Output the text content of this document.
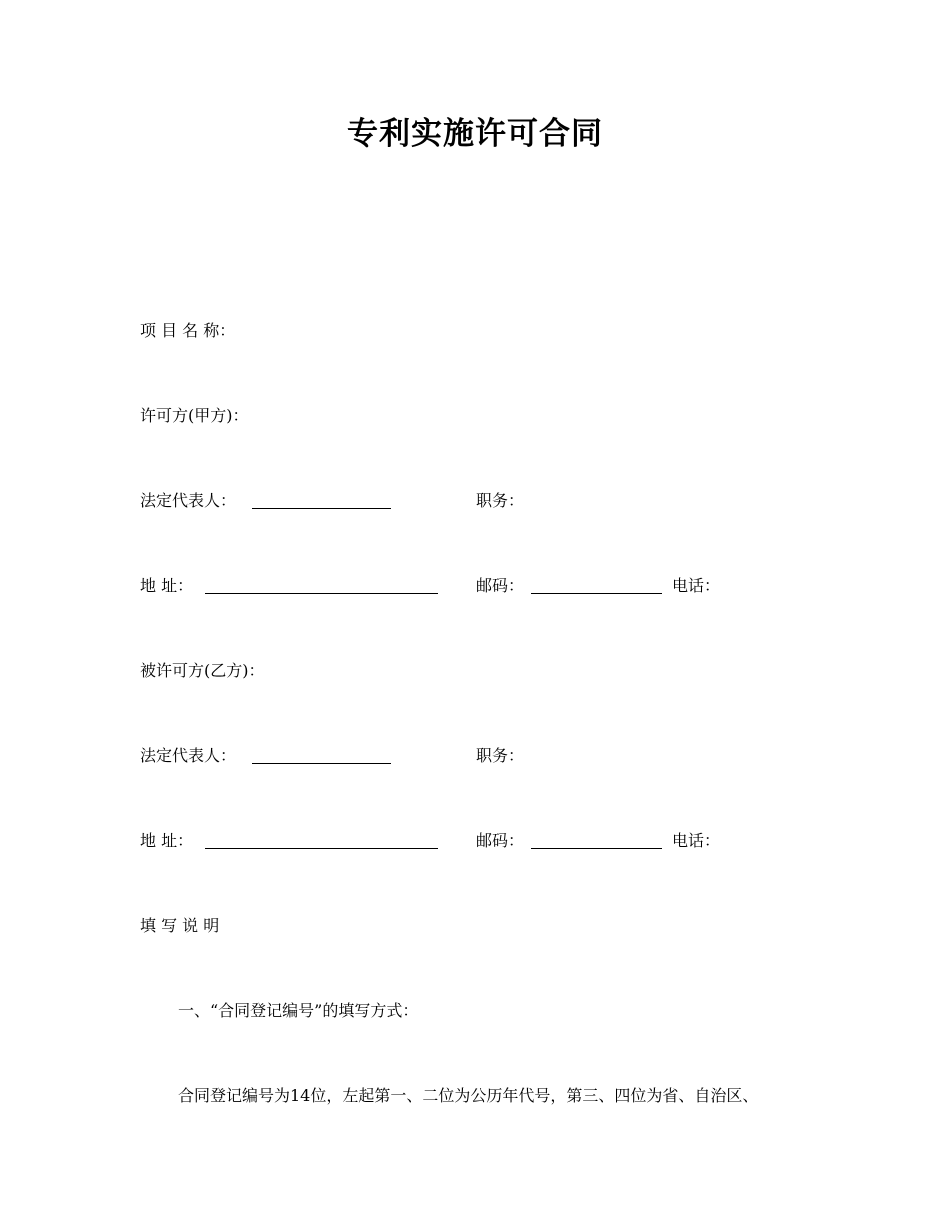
专利实施许可合同
项 目 名 称：
许可方(甲方)：
法定代表人：	职务：
地 址：	邮码：	电话：
被许可方(乙方)：
法定代表人：	职务：
地 址：	邮码：	电话：
填 写 说 明
一、“合同登记编号”的填写方式：
合同登记编号为14位，左起第一、二位为公历年代号，第三、四位为省、自治区、
